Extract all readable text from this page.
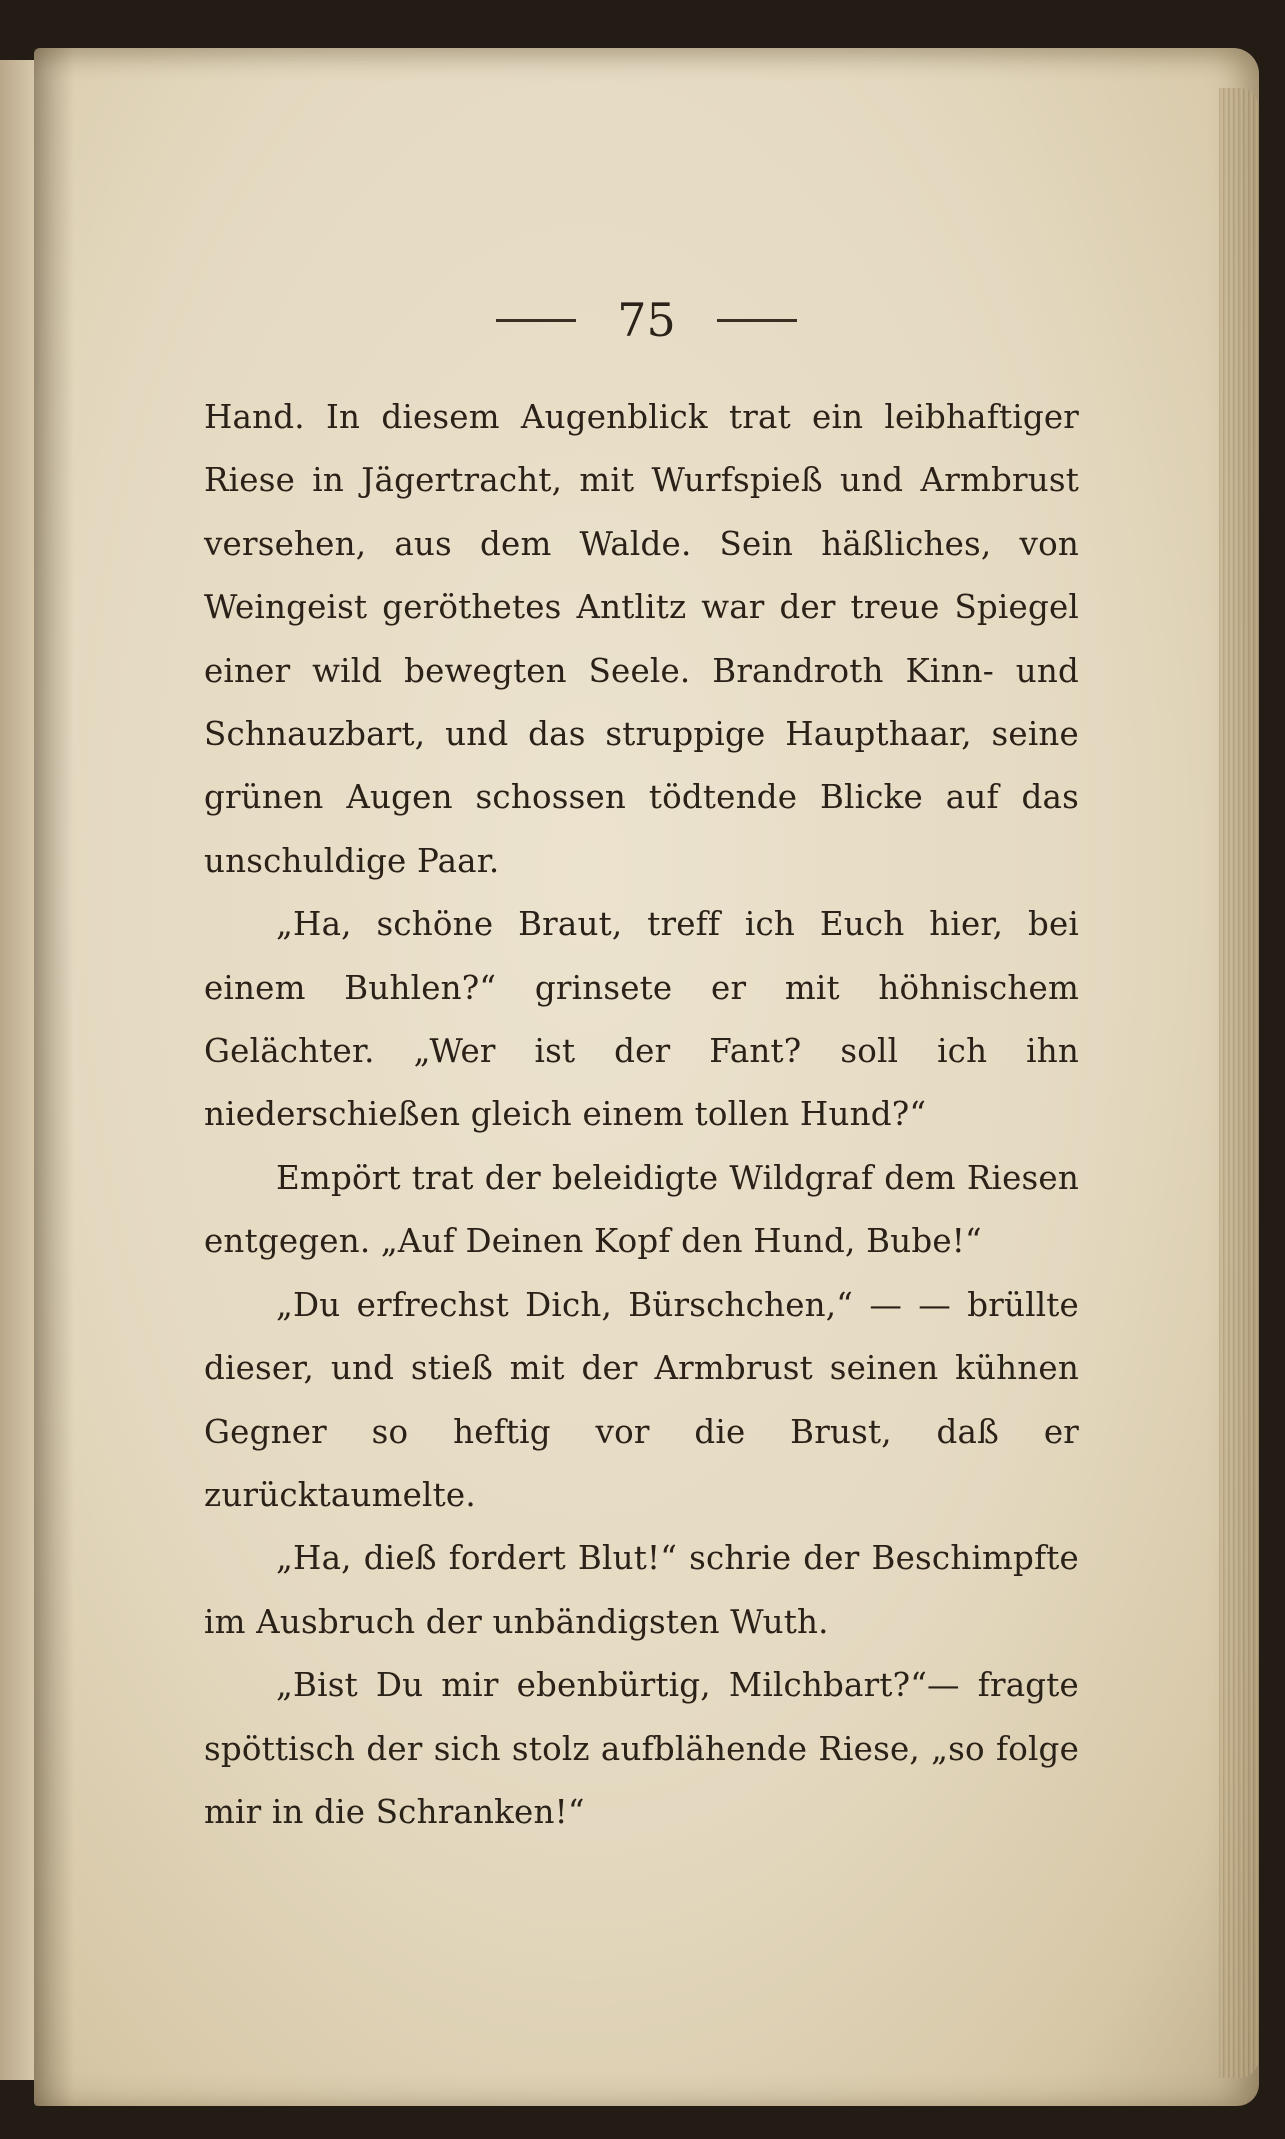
75

Hand. In diesem Augenblick trat ein leibhaftiger Riese in Jägertracht, mit Wurfspieß und Armbrust versehen, aus dem Walde. Sein häßliches, von Weingeist geröthetes Antlitz war der treue Spiegel einer wild bewegten Seele. Brandroth Kinn- und Schnauzbart, und das struppige Haupthaar, seine grünen Augen schossen tödtende Blicke auf das unschuldige Paar.

„Ha, schöne Braut, treff ich Euch hier, bei einem Buhlen?“ grinsete er mit höhnischem Gelächter. „Wer ist der Fant? soll ich ihn niederschießen gleich einem tollen Hund?“

Empört trat der beleidigte Wildgraf dem Riesen entgegen. „Auf Deinen Kopf den Hund, Bube!“

„Du erfrechst Dich, Bürschchen,“ — — brüllte dieser, und stieß mit der Armbrust seinen kühnen Gegner so heftig vor die Brust, daß er zurücktaumelte.

„Ha, dieß fordert Blut!“ schrie der Beschimpfte im Ausbruch der unbändigsten Wuth.

„Bist Du mir ebenbürtig, Milchbart?“— fragte spöttisch der sich stolz aufblähende Riese, „so folge mir in die Schranken!“
